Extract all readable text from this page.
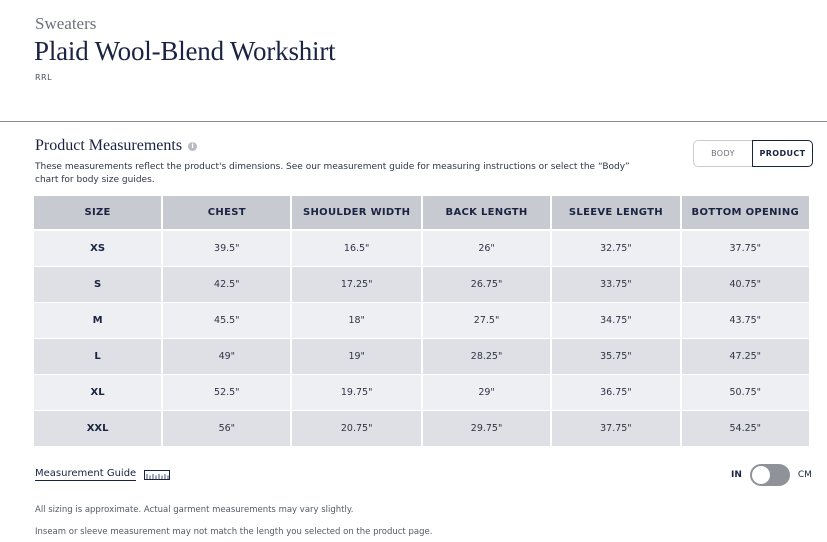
Sweaters
Plaid Wool-Blend Workshirt
RRL
Product Measurements	i
These measurements reflect the product's dimensions. See our measurement guide for measuring instructions or select the “Body” chart for body size guides.
BODY	PRODUCT
SIZE	CHEST	SHOULDER WIDTH	BACK LENGTH	SLEEVE LENGTH	BOTTOM OPENING
XS	39.5"	16.5"	26"	32.75"	37.75"
S	42.5"	17.25"	26.75"	33.75"	40.75"
M	45.5"	18"	27.5"	34.75"	43.75"
L	49"	19"	28.25"	35.75"	47.25"
XL	52.5"	19.75"	29"	36.75"	50.75"
XXL	56"	20.75"	29.75"	37.75"	54.25"
Measurement Guide	IN	CM
All sizing is approximate. Actual garment measurements may vary slightly.
Inseam or sleeve measurement may not match the length you selected on the product page.
